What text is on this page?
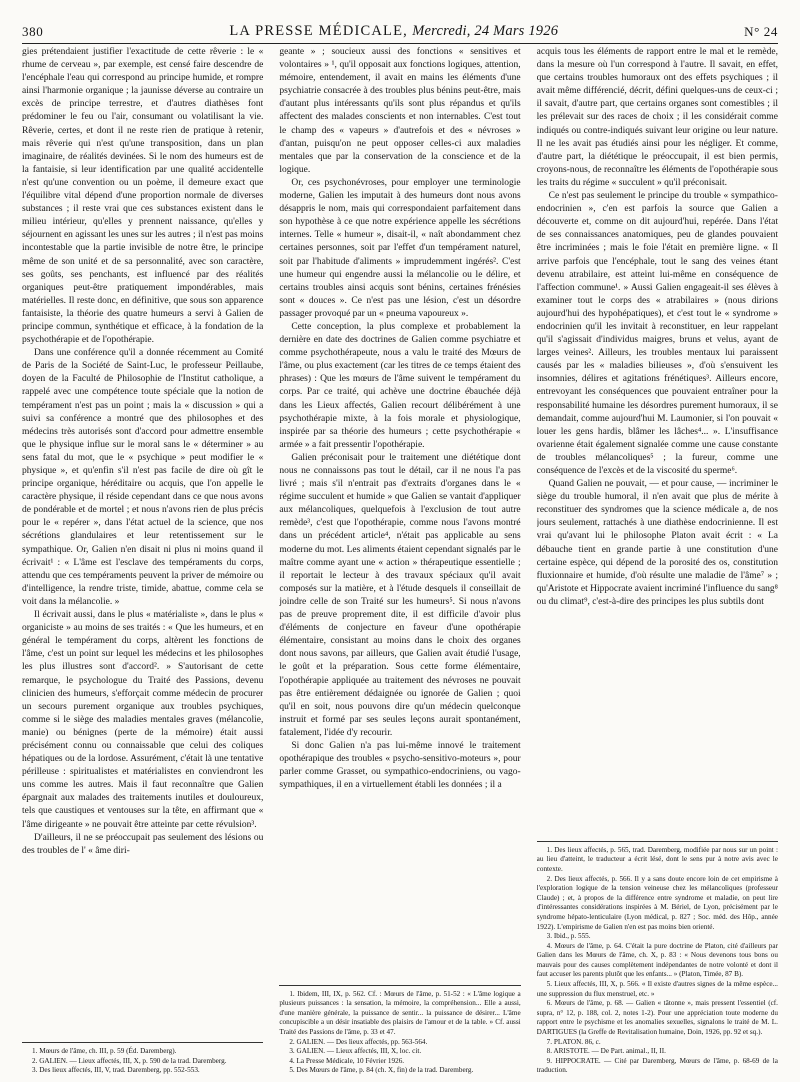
380	LA PRESSE MÉDICALE, Mercredi, 24 Mars 1926	N° 24

gies prétendaient justifier l'exactitude de cette rêverie : le « rhume de cerveau », par exemple, est censé faire descendre de l'encéphale l'eau qui correspond au principe humide, et rompre ainsi l'harmonie organique ; la jaunisse déverse au contraire un excès de principe terrestre, et d'autres diathèses font prédominer le feu ou l'air, consumant ou volatilisant la vie. Rêverie, certes, et dont il ne reste rien de pratique à retenir, mais rêverie qui n'est qu'une transposition, dans un plan imaginaire, de réalités devinées. Si le nom des humeurs est de la fantaisie, si leur identification par une qualité accidentelle n'est qu'une convention ou un poème, il demeure exact que l'équilibre vital dépend d'une proportion normale de diverses substances ; il reste vrai que ces substances existent dans le milieu intérieur, qu'elles y prennent naissance, qu'elles y séjournent en agissant les unes sur les autres ; il n'est pas moins incontestable que la partie invisible de notre être, le principe même de son unité et de sa personnalité, avec son caractère, ses goûts, ses penchants, est influencé par des réalités organiques peut-être pratiquement impondérables, mais matérielles. Il reste donc, en définitive, que sous son apparence fantaisiste, la théorie des quatre humeurs a servi à Galien de principe commun, synthétique et efficace, à la fondation de la psychothérapie et de l'opothérapie.

Dans une conférence qu'il a donnée récemment au Comité de Paris de la Société de Saint-Luc, le professeur Peillaube, doyen de la Faculté de Philosophie de l'Institut catholique, a rappelé avec une compétence toute spéciale que la notion de tempérament n'est pas un point ; mais la « discussion » qui a suivi sa conférence a montré que des philosophes et des médecins très autorisés sont d'accord pour admettre ensemble que le physique influe sur le moral sans le « déterminer » au sens fatal du mot, que le « psychique » peut modifier le « physique », et qu'enfin s'il n'est pas facile de dire où gît le principe organique, héréditaire ou acquis, que l'on appelle le caractère physique, il réside cependant dans ce que nous avons de pondérable et de mortel ; et nous n'avons rien de plus précis pour le « repérer », dans l'état actuel de la science, que nos sécrétions glandulaires et leur retentissement sur le sympathique. Or, Galien n'en disait ni plus ni moins quand il écrivait¹ : « L'âme est l'esclave des tempéraments du corps, attendu que ces tempéraments peuvent la priver de mémoire ou d'intelligence, la rendre triste, timide, abattue, comme cela se voit dans la mélancolie. »

Il écrivait aussi, dans le plus « matérialiste », dans le plus « organiciste » au moins de ses traités : « Que les humeurs, et en général le tempérament du corps, altèrent les fonctions de l'âme, c'est un point sur lequel les médecins et les philosophes les plus illustres sont d'accord². » S'autorisant de cette remarque, le psychologue du Traité des Passions, devenu clinicien des humeurs, s'efforçait comme médecin de procurer un secours purement organique aux troubles psychiques, comme si le siège des maladies mentales graves (mélancolie, manie) ou bénignes (perte de la mémoire) était aussi précisément connu ou connaissable que celui des coliques hépatiques ou de la lordose. Assurément, c'était là une tentative périlleuse : spiritualistes et matérialistes en conviendront les uns comme les autres. Mais il faut reconnaître que Galien épargnait aux malades des traitements inutiles et douloureux, tels que caustiques et ventouses sur la tête, en affirmant que « l'âme dirigeante » ne pouvait être atteinte par cette révulsion³.

D'ailleurs, il ne se préoccupait pas seulement des lésions ou des troubles de l' « âme diri-

1. Mœurs de l'âme, ch. III, p. 59 (Éd. Daremberg).

2. GALIEN. — Lieux affectés, III, X, p. 590 de la trad. Daremberg.

3. Des lieux affectés, III, V, trad. Daremberg, pp. 552-553.

geante » ; soucieux aussi des fonctions « sensitives et volontaires » ¹, qu'il opposait aux fonctions logiques, attention, mémoire, entendement, il avait en mains les éléments d'une psychiatrie consacrée à des troubles plus bénins peut-être, mais d'autant plus intéressants qu'ils sont plus répandus et qu'ils affectent des malades conscients et non internables. C'est tout le champ des « vapeurs » d'autrefois et des « névroses » d'antan, puisqu'on ne peut opposer celles-ci aux maladies mentales que par la conservation de la conscience et de la logique.

Or, ces psychonévroses, pour employer une terminologie moderne, Galien les imputait à des humeurs dont nous avons désappris le nom, mais qui correspondaient parfaitement dans son hypothèse à ce que notre expérience appelle les sécrétions internes. Telle « humeur », disait-il, « naît abondamment chez certaines personnes, soit par l'effet d'un tempérament naturel, soit par l'habitude d'aliments » imprudemment ingérés². C'est une humeur qui engendre aussi la mélancolie ou le délire, et certains troubles ainsi acquis sont bénins, certaines frénésies sont « douces ». Ce n'est pas une lésion, c'est un désordre passager provoqué par un « pneuma vapoureux ».

Cette conception, la plus complexe et probablement la dernière en date des doctrines de Galien comme psychiatre et comme psychothérapeute, nous a valu le traité des Mœurs de l'âme, ou plus exactement (car les titres de ce temps étaient des phrases) : Que les mœurs de l'âme suivent le tempérament du corps. Par ce traité, qui achève une doctrine ébauchée déjà dans les Lieux affectés, Galien recourt délibérément à une psychothérapie mixte, à la fois morale et physiologique, inspirée par sa théorie des humeurs ; cette psychothérapie « armée » a fait pressentir l'opothérapie.

Galien préconisait pour le traitement une diététique dont nous ne connaissons pas tout le détail, car il ne nous l'a pas livré ; mais s'il n'entrait pas d'extraits d'organes dans le « régime succulent et humide » que Galien se vantait d'appliquer aux mélancoliques, quelquefois à l'exclusion de tout autre remède³, c'est que l'opothérapie, comme nous l'avons montré dans un précédent article⁴, n'était pas applicable au sens moderne du mot. Les aliments étaient cependant signalés par le maître comme ayant une « action » thérapeutique essentielle ; il reportait le lecteur à des travaux spéciaux qu'il avait composés sur la matière, et à l'étude desquels il conseillait de joindre celle de son Traité sur les humeurs⁵. Si nous n'avons pas de preuve proprement dite, il est difficile d'avoir plus d'éléments de conjecture en faveur d'une opothérapie élémentaire, consistant au moins dans le choix des organes dont nous savons, par ailleurs, que Galien avait étudié l'usage, le goût et la préparation. Sous cette forme élémentaire, l'opothérapie appliquée au traitement des névroses ne pouvait pas être entièrement dédaignée ou ignorée de Galien ; quoi qu'il en soit, nous pouvons dire qu'un médecin quelconque instruit et formé par ses seules leçons aurait spontanément, fatalement, l'idée d'y recourir.

Si donc Galien n'a pas lui-même innové le traitement opothérapique des troubles « psycho-sensitivo-moteurs », pour parler comme Grasset, ou sympathico-endocriniens, ou vago-sympathiques, il en a virtuellement établi les données ; il a

1. Ibidem, III, IX, p. 562. Cf. : Mœurs de l'âme, p. 51-52 : « L'âme logique a plusieurs puissances : la sensation, la mémoire, la compréhension... Elle a aussi, d'une manière générale, la puissance de sentir... la puissance de désirer... L'âme concupiscible a un désir insatiable des plaisirs de l'amour et de la table. » Cf. aussi Traité des Passions de l'âme, p. 33 et 47.

2. GALIEN. — Des lieux affectés, pp. 563-564.

3. GALIEN. — Lieux affectés, III, X, loc. cit.

4. La Presse Médicale, 10 Février 1926.

5. Des Mœurs de l'âme, p. 84 (ch. X, fin) de la trad. Daremberg.

acquis tous les éléments de rapport entre le mal et le remède, dans la mesure où l'un correspond à l'autre. Il savait, en effet, que certains troubles humoraux ont des effets psychiques ; il avait même différencié, décrit, défini quelques-uns de ceux-ci ; il savait, d'autre part, que certains organes sont comestibles ; il les prélevait sur des races de choix ; il les considérait comme indiqués ou contre-indiqués suivant leur origine ou leur nature. Il ne les avait pas étudiés ainsi pour les négliger. Et comme, d'autre part, la diététique le préoccupait, il est bien permis, croyons-nous, de reconnaître les éléments de l'opothérapie sous les traits du régime « succulent » qu'il préconisait.

Ce n'est pas seulement le principe du trouble « sympathico-endocrinien », c'en est parfois la source que Galien a découverte et, comme on dit aujourd'hui, repérée. Dans l'état de ses connaissances anatomiques, peu de glandes pouvaient être incriminées ; mais le foie l'était en première ligne. « Il arrive parfois que l'encéphale, tout le sang des veines étant devenu atrabilaire, est atteint lui-même en conséquence de l'affection commune¹. » Aussi Galien engageait-il ses élèves à examiner tout le corps des « atrabilaires » (nous dirions aujourd'hui des hypohépatiques), et c'est tout le « syndrome » endocrinien qu'il les invitait à reconstituer, en leur rappelant qu'il s'agissait d'individus maigres, bruns et velus, ayant de larges veines². Ailleurs, les troubles mentaux lui paraissent causés par les « maladies bilieuses », d'où s'ensuivent les insomnies, délires et agitations frénétiques³. Ailleurs encore, entrevoyant les conséquences que pouvaient entraîner pour la responsabilité humaine les désordres purement humoraux, il se demandait, comme aujourd'hui M. Laumonier, si l'on pouvait « louer les gens hardis, blâmer les lâches⁴... ». L'insuffisance ovarienne était également signalée comme une cause constante de troubles mélancoliques⁵ ; la fureur, comme une conséquence de l'excès et de la viscosité du sperme⁶.

Quand Galien ne pouvait, — et pour cause, — incriminer le siège du trouble humoral, il n'en avait que plus de mérite à reconstituer des syndromes que la science médicale a, de nos jours seulement, rattachés à une diathèse endocrinienne. Il est vrai qu'avant lui le philosophe Platon avait écrit : « La débauche tient en grande partie à une constitution d'une certaine espèce, qui dépend de la porosité des os, constitution fluxionnaire et humide, d'où résulte une maladie de l'âme⁷ » ; qu'Aristote et Hippocrate avaient incriminé l'influence du sang⁸ ou du climat⁹, c'est-à-dire des principes les plus subtils dont

1. Des lieux affectés, p. 565, trad. Daremberg, modifiée par nous sur un point : au lieu d'atteint, le traducteur a écrit lésé, dont le sens pur à notre avis avec le contexte.

2. Des lieux affectés, p. 566. Il y a sans doute encore loin de cet empirisme à l'exploration logique de la tension veineuse chez les mélancoliques (professeur Claude) ; et, à propos de la différence entre syndrome et maladie, on peut lire d'intéressantes considérations inspirées à M. Bériel, de Lyon, précisément par le syndrome hépato-lenticulaire (Lyon médical, p. 827 ; Soc. méd. des Hôp., année 1922). L'empirisme de Galien n'en est pas moins bien orienté.

3. Ibid., p. 555.

4. Mœurs de l'âme, p. 64. C'était la pure doctrine de Platon, cité d'ailleurs par Galien dans les Mœurs de l'âme, ch. X, p. 83 : « Nous devenons tous bons ou mauvais pour des causes complètement indépendantes de notre volonté et dont il faut accuser les parents plutôt que les enfants... » (Platon, Timée, 87 B).

5. Lieux affectés, III, X, p. 566. « Il existe d'autres signes de la même espèce... une suppression du flux menstruel, etc. »

6. Mœurs de l'âme, p. 68. — Galien « tâtonne », mais pressent l'essentiel (cf. supra, n° 12, p. 188, col. 2, notes 1-2). Pour une appréciation toute moderne du rapport entre le psychisme et les anomalies sexuelles, signalons le traité de M. L. DARTIGUES (la Greffe de Revitalisation humaine, Doin, 1926, pp. 92 et sq.).

7. PLATON. 86, c.

8. ARISTOTE. — De Part. animal., II, II.

9. HIPPOCRATE. — Cité par Daremberg, Mœurs de l'âme, p. 68-69 de la traduction.
